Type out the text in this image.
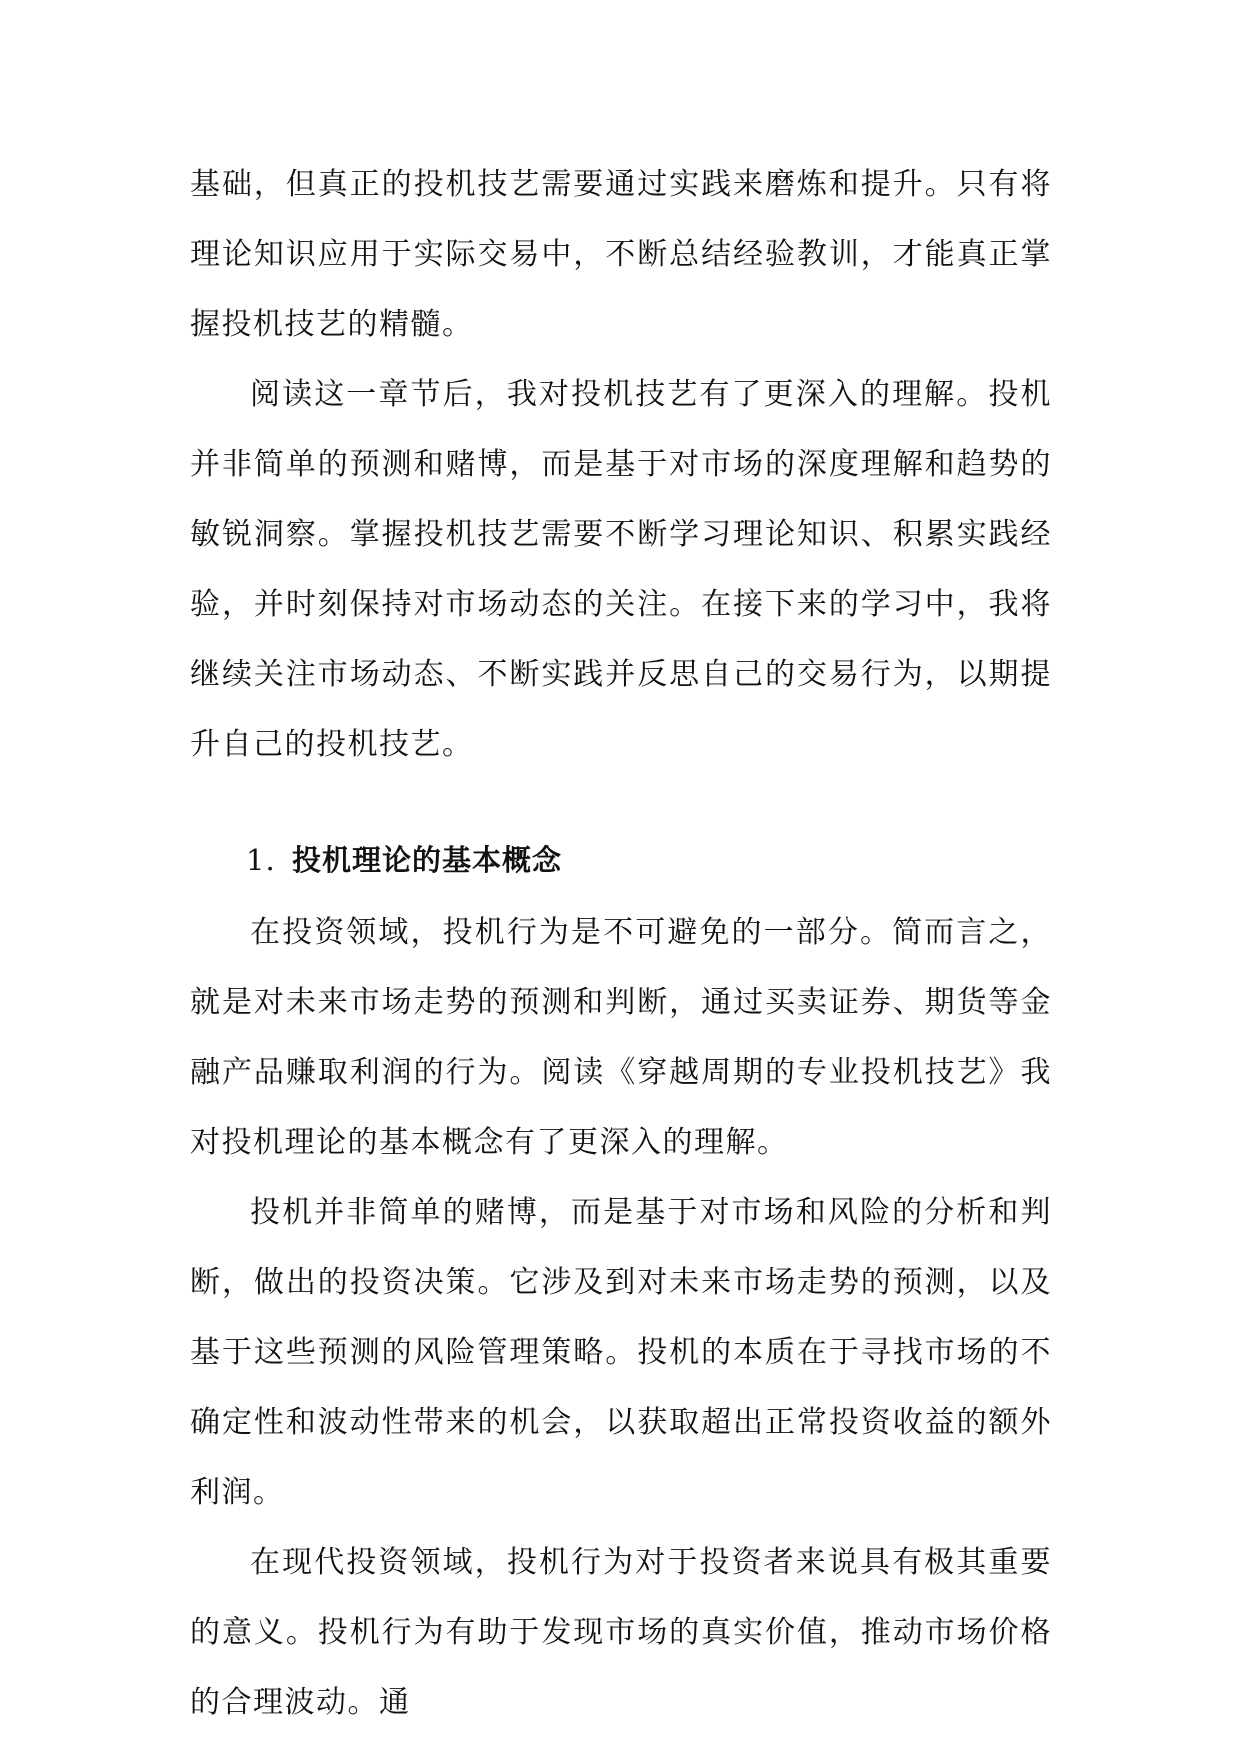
基础，但真正的投机技艺需要通过实践来磨炼和提升。只有将理论知识应用于实际交易中，不断总结经验教训，才能真正掌握投机技艺的精髓。

阅读这一章节后，我对投机技艺有了更深入的理解。投机并非简单的预测和赌博，而是基于对市场的深度理解和趋势的敏锐洞察。掌握投机技艺需要不断学习理论知识、积累实践经验，并时刻保持对市场动态的关注。在接下来的学习中，我将继续关注市场动态、不断实践并反思自己的交易行为，以期提升自己的投机技艺。

1. 投机理论的基本概念

在投资领域，投机行为是不可避免的一部分。简而言之，就是对未来市场走势的预测和判断，通过买卖证券、期货等金融产品赚取利润的行为。阅读《穿越周期的专业投机技艺》我对投机理论的基本概念有了更深入的理解。

投机并非简单的赌博，而是基于对市场和风险的分析和判断，做出的投资决策。它涉及到对未来市场走势的预测，以及基于这些预测的风险管理策略。投机的本质在于寻找市场的不确定性和波动性带来的机会，以获取超出正常投资收益的额外利润。

在现代投资领域，投机行为对于投资者来说具有极其重要的意义。投机行为有助于发现市场的真实价值，推动市场价格的合理波动。通
